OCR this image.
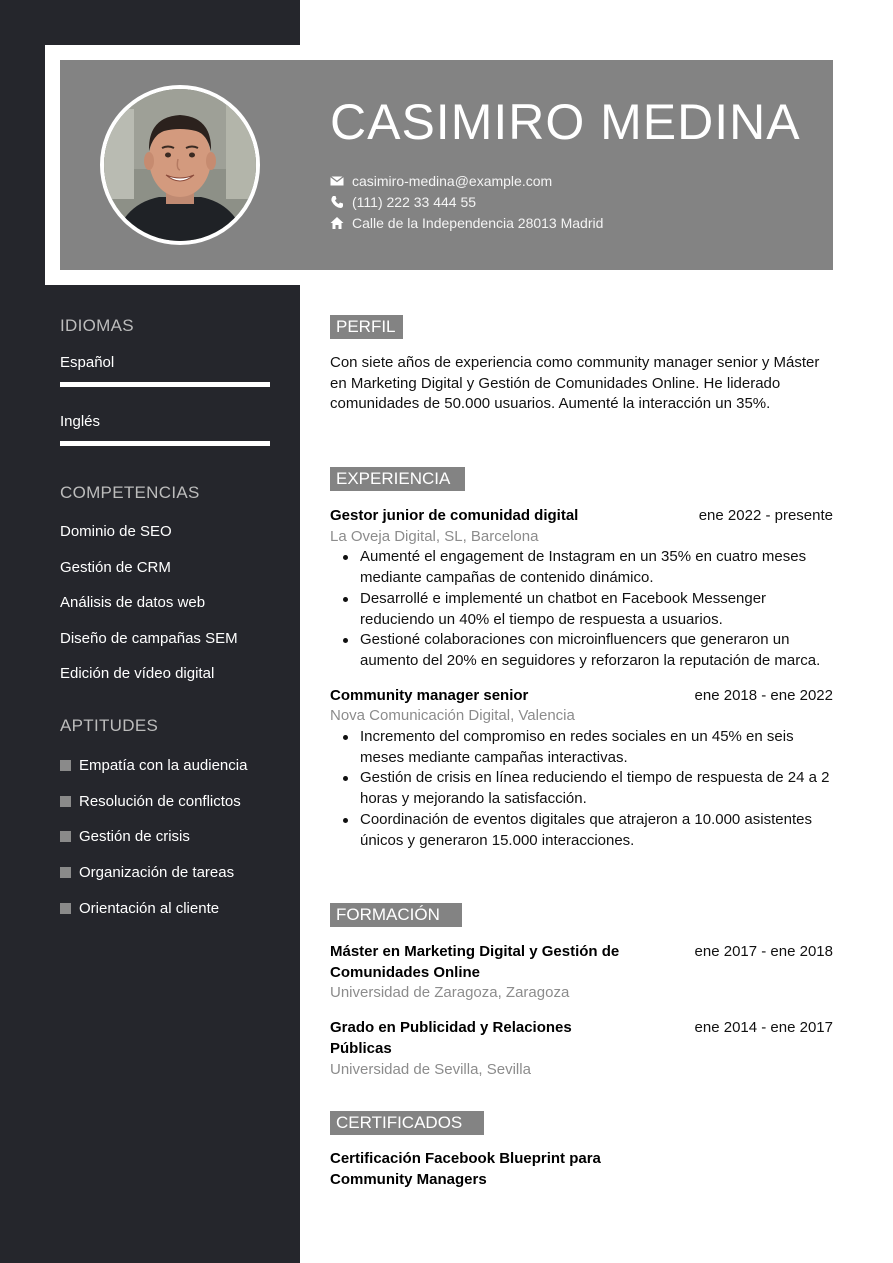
CASIMIRO MEDINA
casimiro-medina@example.com
(111) 222 33 444 55
Calle de la Independencia 28013 Madrid
IDIOMAS
Español
Inglés
COMPETENCIAS
Dominio de SEO
Gestión de CRM
Análisis de datos web
Diseño de campañas SEM
Edición de vídeo digital
APTITUDES
Empatía con la audiencia
Resolución de conflictos
Gestión de crisis
Organización de tareas
Orientación al cliente
PERFIL
Con siete años de experiencia como community manager senior y Máster en Marketing Digital y Gestión de Comunidades Online. He liderado comunidades de 50.000 usuarios. Aumenté la interacción un 35%.
EXPERIENCIA
Gestor junior de comunidad digital	ene 2022 - presente
La Oveja Digital, SL, Barcelona
Aumenté el engagement de Instagram en un 35% en cuatro meses mediante campañas de contenido dinámico.
Desarrollé e implementé un chatbot en Facebook Messenger reduciendo un 40% el tiempo de respuesta a usuarios.
Gestioné colaboraciones con microinfluencers que generaron un aumento del 20% en seguidores y reforzaron la reputación de marca.
Community manager senior	ene 2018 - ene 2022
Nova Comunicación Digital, Valencia
Incremento del compromiso en redes sociales en un 45% en seis meses mediante campañas interactivas.
Gestión de crisis en línea reduciendo el tiempo de respuesta de 24 a 2 horas y mejorando la satisfacción.
Coordinación de eventos digitales que atrajeron a 10.000 asistentes únicos y generaron 15.000 interacciones.
FORMACIÓN
Máster en Marketing Digital y Gestión de Comunidades Online
ene 2017 - ene 2018
Universidad de Zaragoza, Zaragoza
Grado en Publicidad y Relaciones Públicas
ene 2014 - ene 2017
Universidad de Sevilla, Sevilla
CERTIFICADOS
Certificación Facebook Blueprint para Community Managers
